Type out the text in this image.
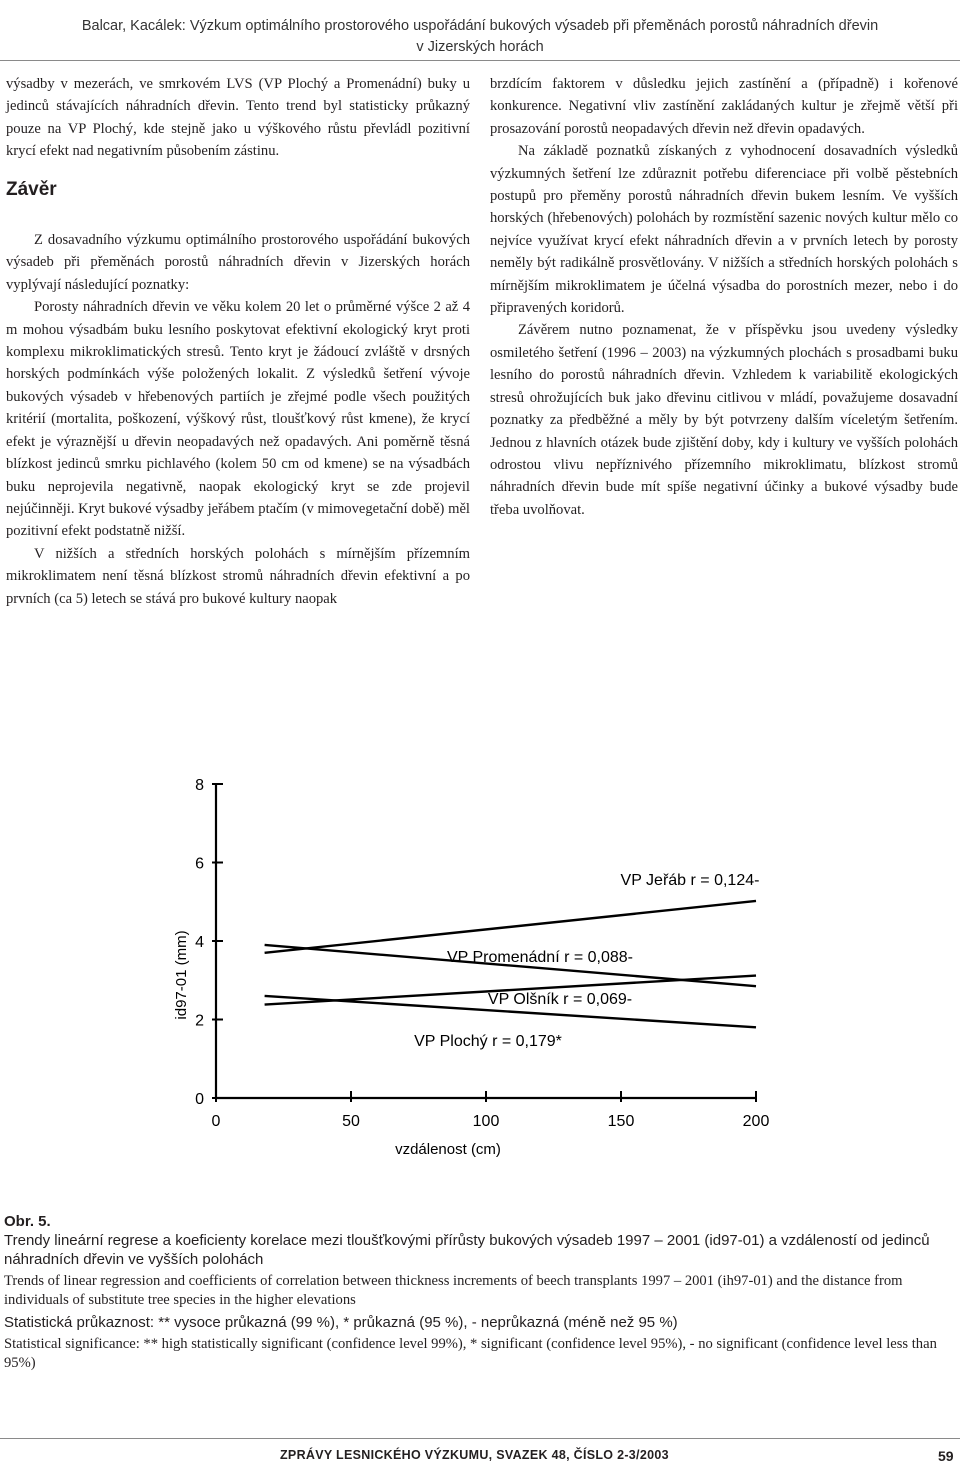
Balcar, Kacálek: Výzkum optimálního prostorového uspořádání bukových výsadeb při přeměnách porostů náhradních dřevin
v Jizerských horách

výsadby v mezerách, ve smrkovém LVS (VP Plochý a Promenádní) buky u jedinců stávajících náhradních dřevin. Tento trend byl statisticky průkazný pouze na VP Plochý, kde stejně jako u výškového růstu převládl pozitivní krycí efekt nad negativním působením zástinu.

Závěr

Z dosavadního výzkumu optimálního prostorového uspořádání bukových výsadeb při přeměnách porostů náhradních dřevin v Jizerských horách vyplývají následující poznatky:

Porosty náhradních dřevin ve věku kolem 20 let o průměrné výšce 2 až 4 m mohou výsadbám buku lesního poskytovat efektivní ekologický kryt proti komplexu mikroklimatických stresů. Tento kryt je žádoucí zvláště v drsných horských podmínkách výše položených lokalit. Z výsledků šetření vývoje bukových výsadeb v hřebenových partiích je zřejmé podle všech použitých kritérií (mortalita, poškození, výškový růst, tloušťkový růst kmene), že krycí efekt je výraznější u dřevin neopadavých než opadavých. Ani poměrně těsná blízkost jedinců smrku pichlavého (kolem 50 cm od kmene) se na výsadbách buku neprojevila negativně, naopak ekologický kryt se zde projevil nejúčinněji. Kryt bukové výsadby jeřábem ptačím (v mimovegetační době) měl pozitivní efekt podstatně nižší.

V nižších a středních horských polohách s mírnějším přízemním mikroklimatem není těsná blízkost stromů náhradních dřevin efektivní a po prvních (ca 5) letech se stává pro bukové kultury naopak

brzdícím faktorem v důsledku jejich zastínění a (případně) i kořenové konkurence. Negativní vliv zastínění zakládaných kultur je zřejmě větší při prosazování porostů neopadavých dřevin než dřevin opadavých.

Na základě poznatků získaných z vyhodnocení dosavadních výsledků výzkumných šetření lze zdůraznit potřebu diferenciace při volbě pěstebních postupů pro přeměny porostů náhradních dřevin bukem lesním. Ve vyšších horských (hřebenových) polohách by rozmístění sazenic nových kultur mělo co nejvíce využívat krycí efekt náhradních dřevin a v prvních letech by porosty neměly být radikálně prosvětlovány. V nižších a středních horských polohách s mírnějším mikroklimatem je účelná výsadba do porostních mezer, nebo i do připravených koridorů.

Závěrem nutno poznamenat, že v příspěvku jsou uvedeny výsledky osmiletého šetření (1996 – 2003) na výzkumných plochách s prosadbami buku lesního do porostů náhradních dřevin. Vzhledem k variabilitě ekologických stresů ohrožujících buk jako dřevinu citlivou v mládí, považujeme dosavadní poznatky za předběžné a měly by být potvrzeny dalším víceletým šetřením. Jednou z hlavních otázek bude zjištění doby, kdy i kultury ve vyšších polohách odrostou vlivu nepříznivého přízemního mikroklimatu, blízkost stromů náhradních dřevin bude mít spíše negativní účinky a bukové výsadby bude třeba uvolňovat.

0
2
4
6
8
0	50	100	150	200
VP Jeřáb r = 0,124-
VP Promenádní r = 0,088-
VP Olšník r = 0,069-
VP Plochý r = 0,179*
vzdálenost (cm)
id97-01 (mm)

Obr. 5.

Trendy lineární regrese a koeficienty korelace mezi tloušťkovými přírůsty bukových výsadeb 1997 – 2001 (id97-01) a vzdáleností od jedinců náhradních dřevin ve vyšších polohách

Trends of linear regression and coefficients of correlation between thickness increments of beech transplants 1997 – 2001 (ih97-01) and the distance from individuals of substitute tree species in the higher elevations

Statistická průkaznost: ** vysoce průkazná (99 %), * průkazná (95 %), - neprůkazná (méně než 95 %)

Statistical significance: ** high statistically significant (confidence level 99%), * significant (confidence level 95%), - no significant (confidence level less than 95%)

ZPRÁVY LESNICKÉHO VÝZKUMU, SVAZEK 48, ČÍSLO 2-3/2003	59
